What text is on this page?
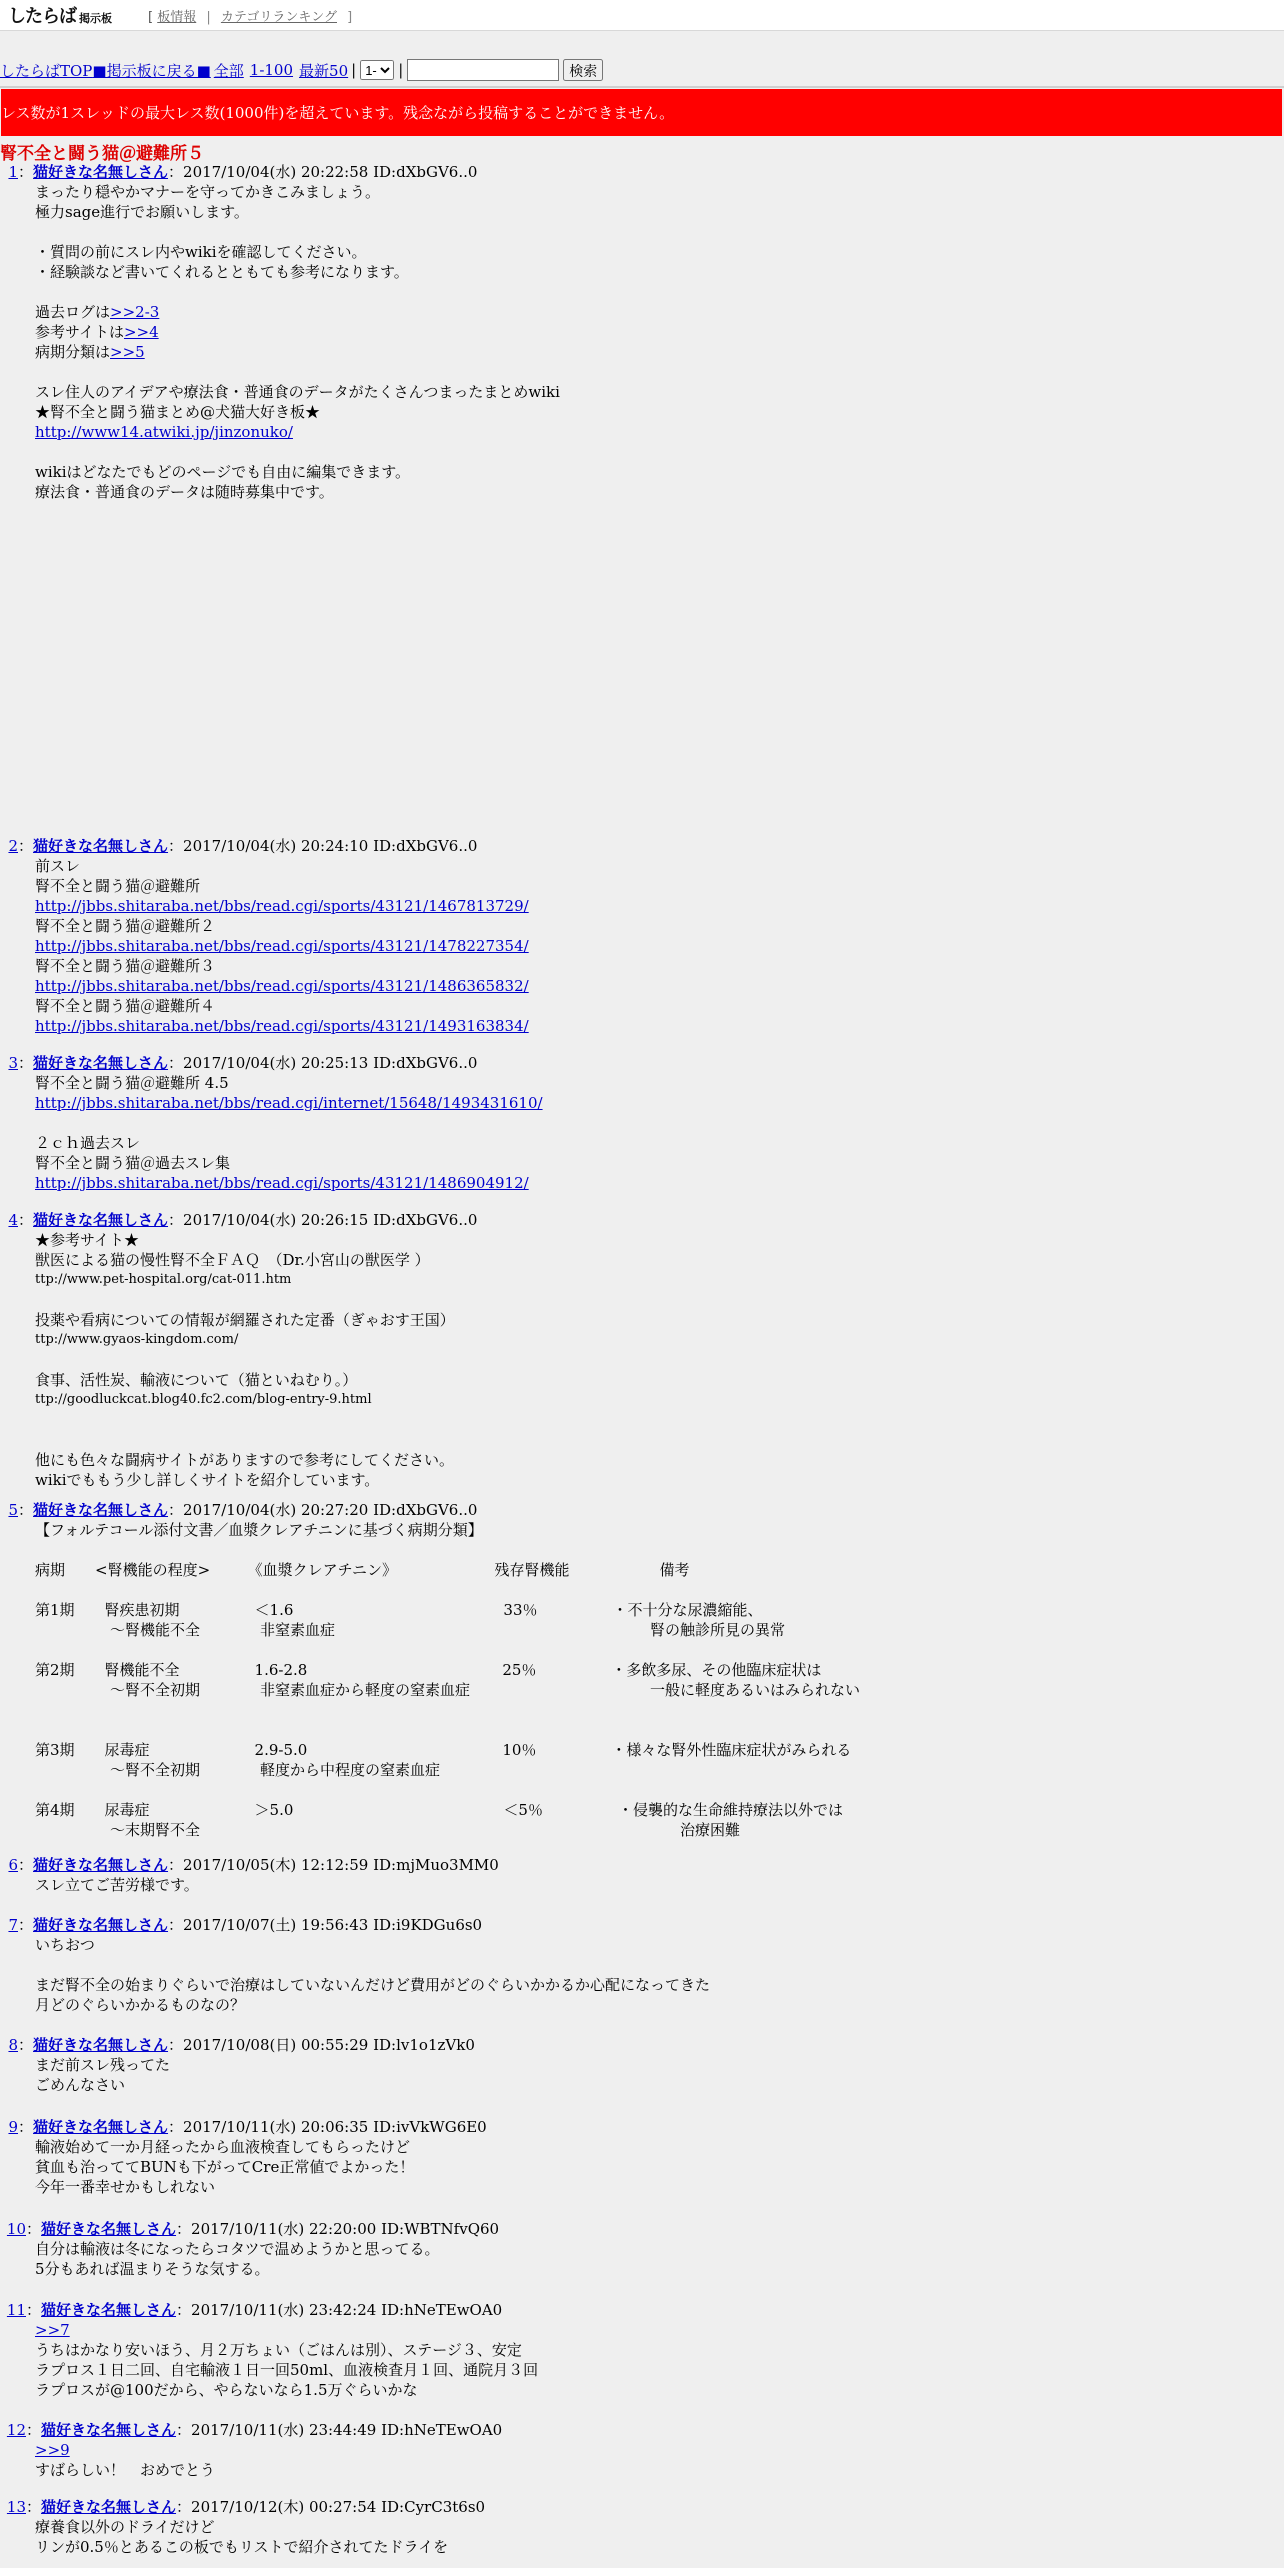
したらば 掲示板	[ 板情報 | カテゴリランキング ]
したらばTOP ■掲示板に戻る■ 全部 1-100 最新50 |
1-	|	検索
レス数が1スレッドの最大レス数(1000件)を超えています。残念ながら投稿することができません。
腎不全と闘う猫＠避難所５
1：猫好きな名無しさん：2017/10/04(水) 20:22:58 ID:dXbGV6..0
まったり穏やかマナーを守ってかきこみましょう。
極力sage進行でお願いします。
・質問の前にスレ内やwikiを確認してください。
・経験談など書いてくれるとともても参考になります。
過去ログは>>2-3
参考サイトは>>4
病期分類は>>5
スレ住人のアイデアや療法食・普通食のデータがたくさんつまったまとめwiki
★腎不全と闘う猫まとめ@犬猫大好き板★
http://www14.atwiki.jp/jinzonuko/
wikiはどなたでもどのページでも自由に編集できます。
療法食・普通食のデータは随時募集中です。
2：猫好きな名無しさん：2017/10/04(水) 20:24:10 ID:dXbGV6..0
前スレ
腎不全と闘う猫＠避難所
http://jbbs.shitaraba.net/bbs/read.cgi/sports/43121/1467813729/
腎不全と闘う猫＠避難所２
http://jbbs.shitaraba.net/bbs/read.cgi/sports/43121/1478227354/
腎不全と闘う猫＠避難所３
http://jbbs.shitaraba.net/bbs/read.cgi/sports/43121/1486365832/
腎不全と闘う猫＠避難所４
http://jbbs.shitaraba.net/bbs/read.cgi/sports/43121/1493163834/
3：猫好きな名無しさん：2017/10/04(水) 20:25:13 ID:dXbGV6..0
腎不全と闘う猫＠避難所 4.5
http://jbbs.shitaraba.net/bbs/read.cgi/internet/15648/1493431610/
２ｃｈ過去スレ
腎不全と闘う猫＠過去スレ集
http://jbbs.shitaraba.net/bbs/read.cgi/sports/43121/1486904912/
4：猫好きな名無しさん：2017/10/04(水) 20:26:15 ID:dXbGV6..0
★参考サイト★
獣医による猫の慢性腎不全ＦＡＱ　（Dr.小宮山の獣医学 ）
ttp://www.pet-hospital.org/cat-011.htm
投薬や看病についての情報が網羅された定番（ぎゃおす王国）
ttp://www.gyaos-kingdom.com/
食事、活性炭、輸液について（猫といねむり。）
ttp://goodluckcat.blog40.fc2.com/blog-entry-9.html
他にも色々な闘病サイトがありますので参考にしてください。
wikiでももう少し詳しくサイトを紹介しています。
5：猫好きな名無しさん：2017/10/04(水) 20:27:20 ID:dXbGV6..0
【フォルテコール添付文書／血漿クレアチニンに基づく病期分類】
病期　　<腎機能の程度>　　　《血漿クレアチニン》　　　　　　　残存腎機能　　　　　　備考
第1期　　腎疾患初期　　　　　＜1.6　　　　　　　　　　　　　　33％　　　　　・不十分な尿濃縮能、
　　　　　～腎機能不全　　　　非窒素血症　　　　　　　　　　　　　　　　　　　　　腎の触診所見の異常
第2期　　腎機能不全　　　　　1.6-2.8　　　　　　　　　　　　　25％　　　　　・多飲多尿、その他臨床症状は
　　　　　～腎不全初期　　　　非窒素血症から軽度の窒素血症　　　　　　　　　　　　一般に軽度あるいはみられない
第3期　　尿毒症　　　　　　　2.9-5.0　　　　　　　　　　　　　10％　　　　　・様々な腎外性臨床症状がみられる
　　　　　～腎不全初期　　　　軽度から中程度の窒素血症
第4期　　尿毒症　　　　　　　＞5.0　　　　　　　　　　　　　　＜5％　　　　　・侵襲的な生命維持療法以外では
　　　　　～末期腎不全　　　　　　　　　　　　　　　　　　　　　　　　　　　　　　　　治療困難
6：猫好きな名無しさん：2017/10/05(木) 12:12:59 ID:mjMuo3MM0
スレ立てご苦労様です。
7：猫好きな名無しさん：2017/10/07(土) 19:56:43 ID:i9KDGu6s0
いちおつ
まだ腎不全の始まりぐらいで治療はしていないんだけど費用がどのぐらいかかるか心配になってきた
月どのぐらいかかるものなの？
8：猫好きな名無しさん：2017/10/08(日) 00:55:29 ID:lv1o1zVk0
まだ前スレ残ってた
ごめんなさい
9：猫好きな名無しさん：2017/10/11(水) 20:06:35 ID:ivVkWG6E0
輸液始めて一か月経ったから血液検査してもらったけど
貧血も治っててBUNも下がってCre正常値でよかった！
今年一番幸せかもしれない
10：猫好きな名無しさん：2017/10/11(水) 22:20:00 ID:WBTNfvQ60
自分は輸液は冬になったらコタツで温めようかと思ってる。
5分もあれば温まりそうな気する。
11：猫好きな名無しさん：2017/10/11(水) 23:42:24 ID:hNeTEwOA0
>>7
うちはかなり安いほう、月２万ちょい（ごはんは別）、ステージ３、安定
ラプロス１日二回、自宅輸液１日一回50ml、血液検査月１回、通院月３回
ラプロスが@100だから、やらないなら1.5万ぐらいかな
12：猫好きな名無しさん：2017/10/11(水) 23:44:49 ID:hNeTEwOA0
>>9
すばらしい！　おめでとう
13：猫好きな名無しさん：2017/10/12(木) 00:27:54 ID:CyrC3t6s0
療養食以外のドライだけど
リンが0.5％とあるこの板でもリストで紹介されてたドライを
